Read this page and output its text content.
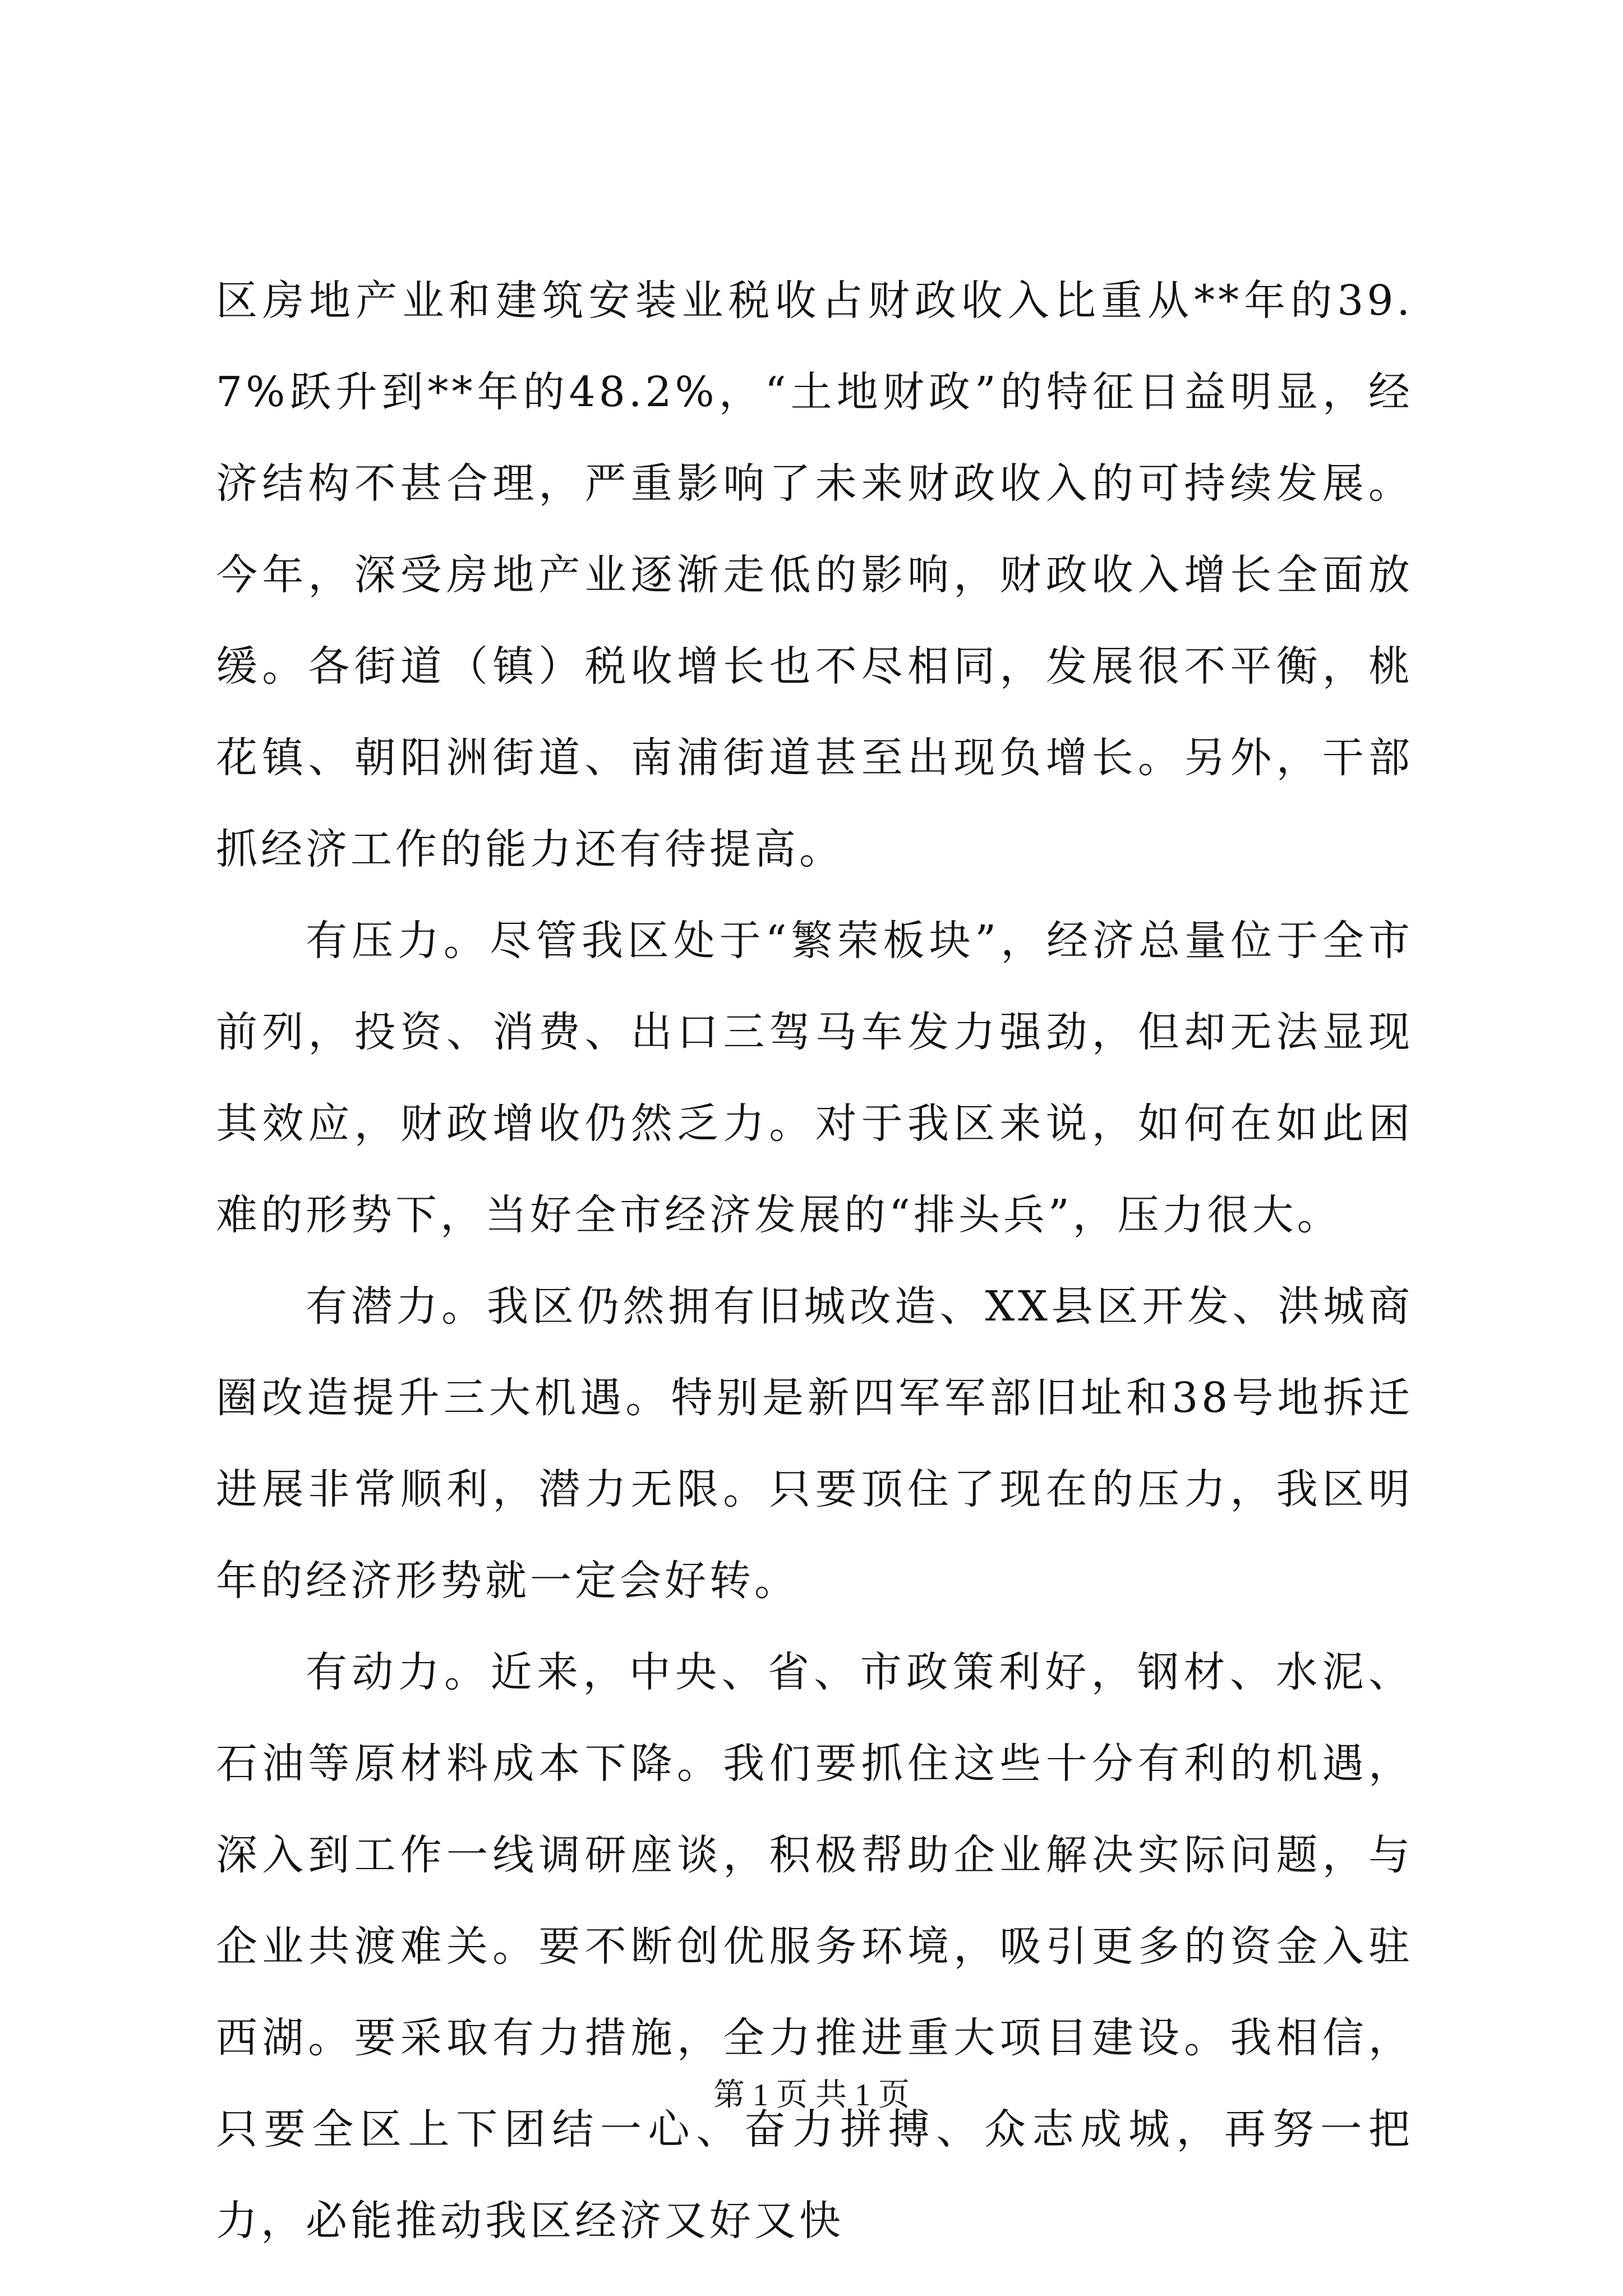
区房地产业和建筑安装业税收占财政收入比重从**年的39.7%跃升到**年的48.2%，“土地财政”的特征日益明显，经济结构不甚合理，严重影响了未来财政收入的可持续发展。今年，深受房地产业逐渐走低的影响，财政收入增长全面放缓。各街道（镇）税收增长也不尽相同，发展很不平衡，桃花镇、朝阳洲街道、南浦街道甚至出现负增长。另外，干部抓经济工作的能力还有待提高。

有压力。尽管我区处于“繁荣板块”，经济总量位于全市前列，投资、消费、出口三驾马车发力强劲，但却无法显现其效应，财政增收仍然乏力。对于我区来说，如何在如此困难的形势下，当好全市经济发展的“排头兵”，压力很大。

有潜力。我区仍然拥有旧城改造、XX县区开发、洪城商圈改造提升三大机遇。特别是新四军军部旧址和38号地拆迁进展非常顺利，潜力无限。只要顶住了现在的压力，我区明年的经济形势就一定会好转。

有动力。近来，中央、省、市政策利好，钢材、水泥、石油等原材料成本下降。我们要抓住这些十分有利的机遇，深入到工作一线调研座谈，积极帮助企业解决实际问题，与企业共渡难关。要不断创优服务环境，吸引更多的资金入驻西湖。要采取有力措施，全力推进重大项目建设。我相信，只要全区上下团结一心、奋力拼搏、众志成城，再努一把力，必能推动我区经济又好又快

第 1 页 共 1 页
